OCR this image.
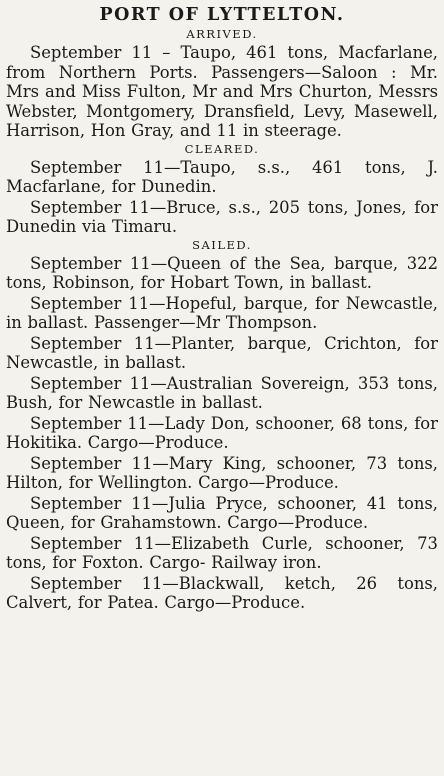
PORT OF LYTTELTON.
ARRIVED.

September 11 – Taupo, 461 tons, Macfarlane, from Northern Ports. Passengers—Saloon : Mr. Mrs and Miss Fulton, Mr and Mrs Churton, Messrs Webster, Montgomery, Dransfield, Levy, Masewell, Harrison, Hon Gray, and 11 in steerage.

CLEARED.

September 11—Taupo, s.s., 461 tons, J. Macfarlane, for Dunedin.

September 11—Bruce, s.s., 205 tons, Jones, for Dunedin via Timaru.

SAILED.

September 11—Queen of the Sea, barque, 322 tons, Robinson, for Hobart Town, in ballast.

September 11—Hopeful, barque, for Newcastle, in ballast. Passenger—Mr Thompson.

September 11—Planter, barque, Crichton, for Newcastle, in ballast.

September 11—Australian Sovereign, 353 tons, Bush, for Newcastle in ballast.

September 11—Lady Don, schooner, 68 tons, for Hokitika. Cargo—Produce.

September 11—Mary King, schooner, 73 tons, Hilton, for Wellington. Cargo—Produce.

September 11—Julia Pryce, schooner, 41 tons, Queen, for Grahamstown. Cargo—Produce.

September 11—Elizabeth Curle, schooner, 73 tons, for Foxton. Cargo- Railway iron.

September 11—Blackwall, ketch, 26 tons, Calvert, for Patea. Cargo—Produce.
